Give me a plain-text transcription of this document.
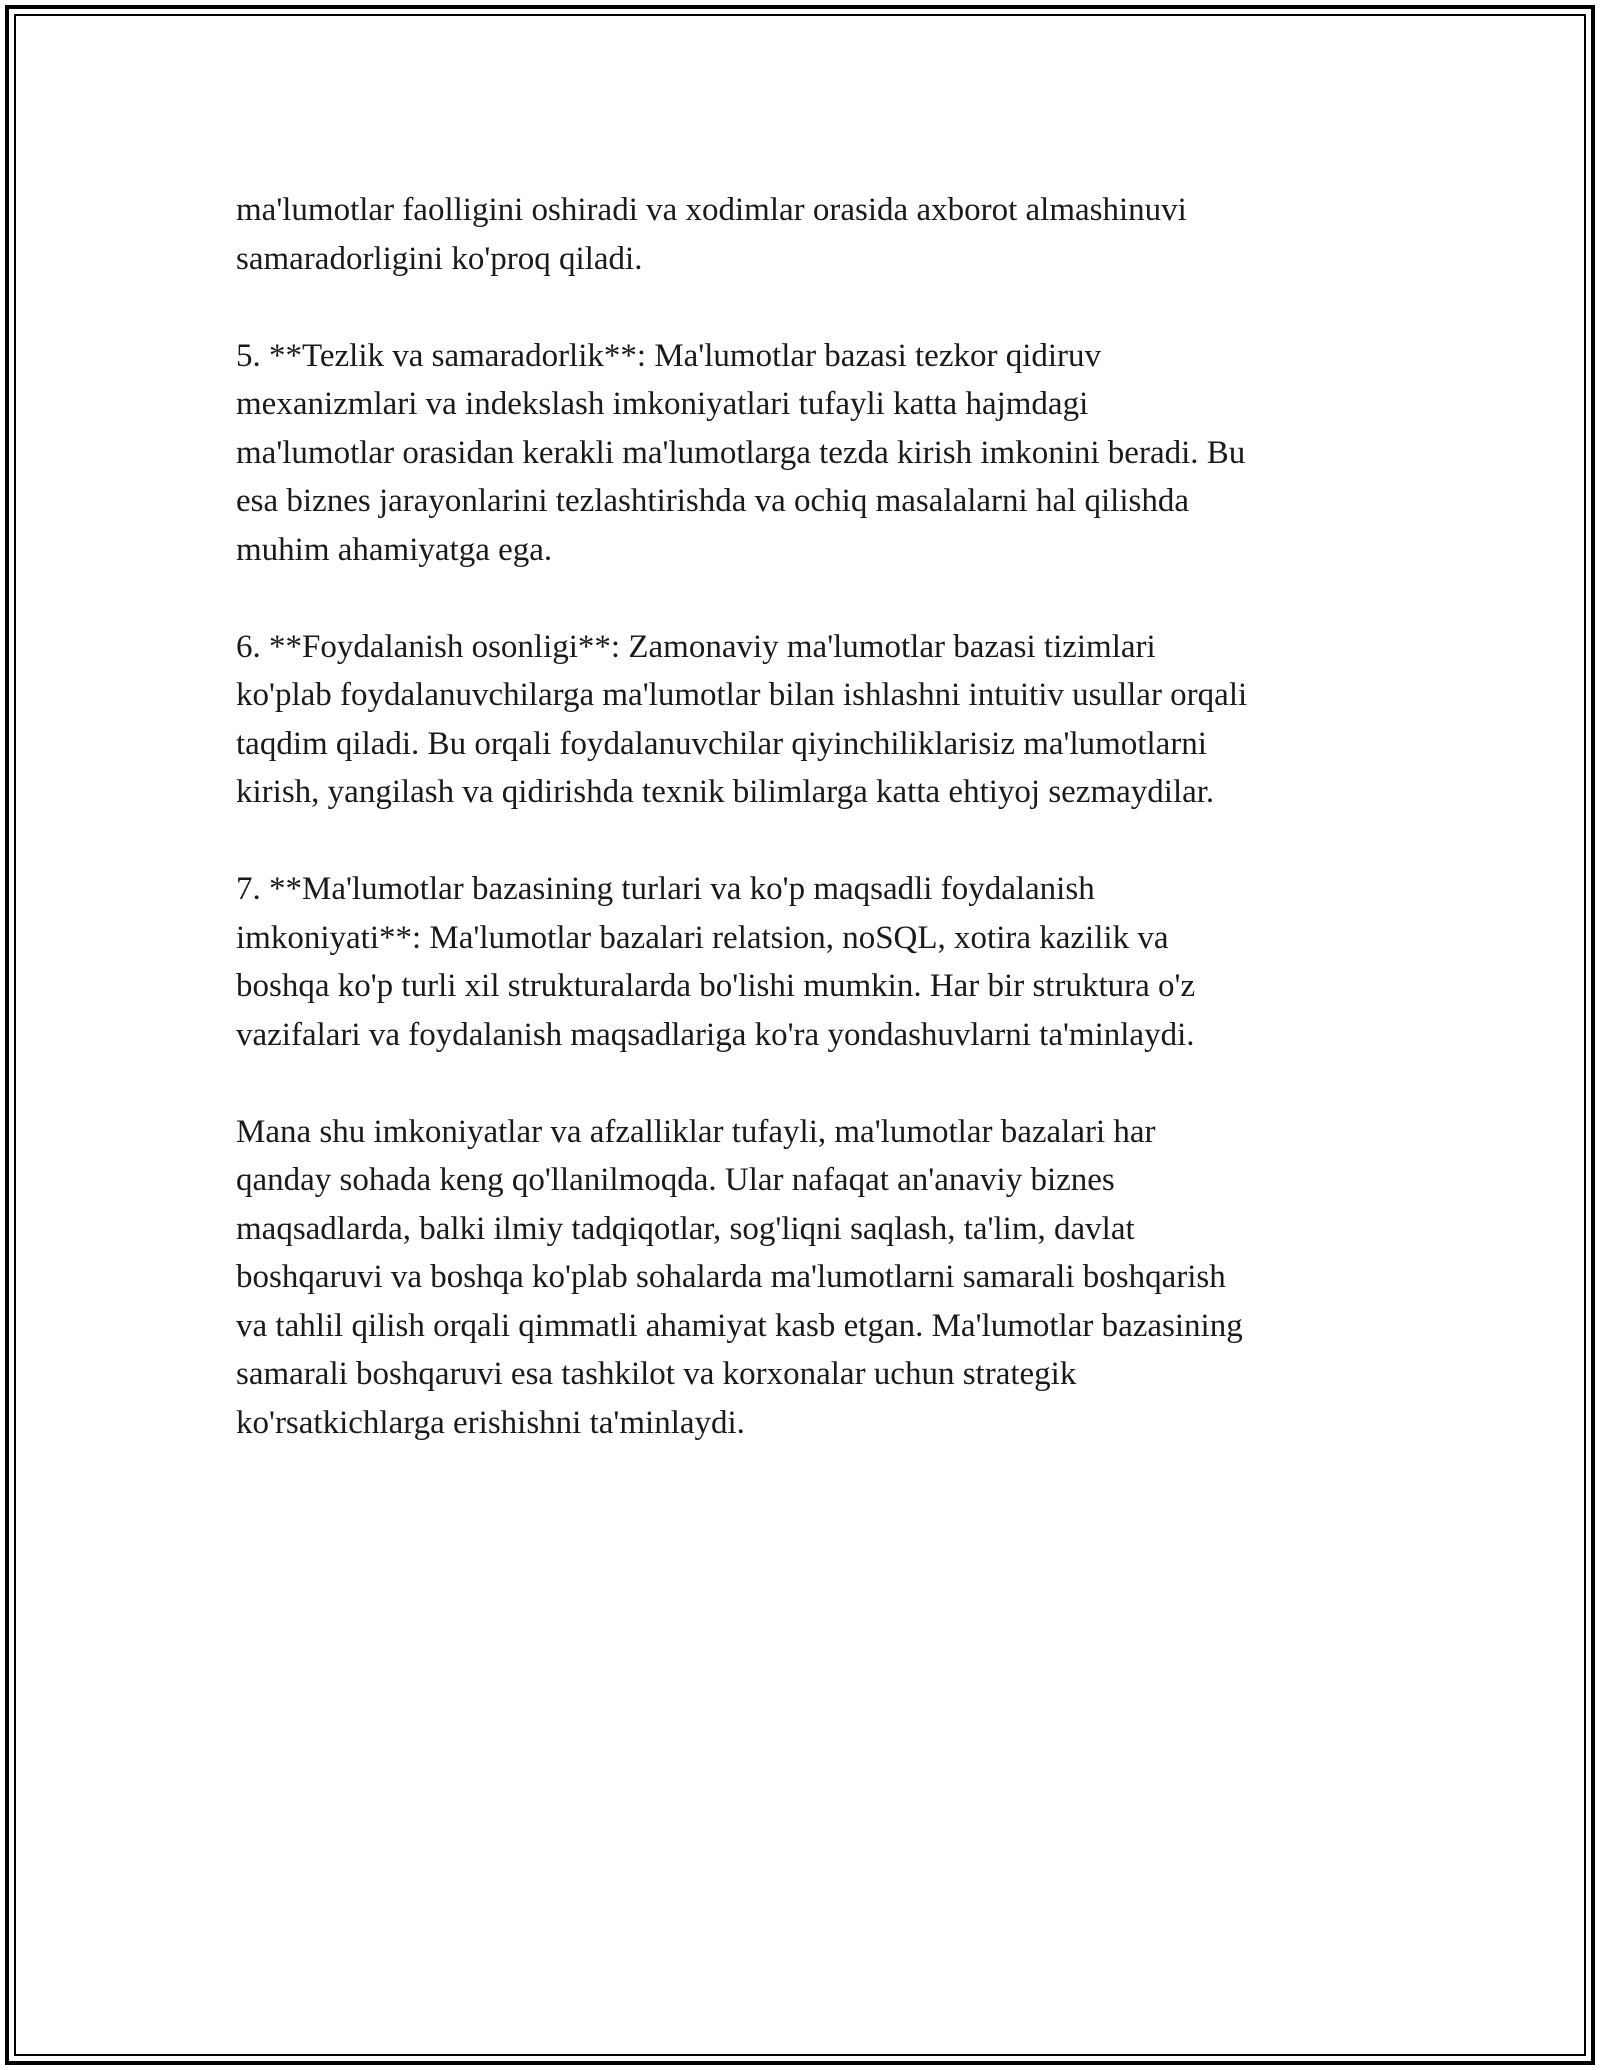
ma'lumotlar faolligini oshiradi va xodimlar orasida axborot almashinuvi
samaradorligini ko'proq qiladi.

5. **Tezlik va samaradorlik**: Ma'lumotlar bazasi tezkor qidiruv
mexanizmlari va indekslash imkoniyatlari tufayli katta hajmdagi
ma'lumotlar orasidan kerakli ma'lumotlarga tezda kirish imkonini beradi. Bu
esa biznes jarayonlarini tezlashtirishda va ochiq masalalarni hal qilishda
muhim ahamiyatga ega.

6. **Foydalanish osonligi**: Zamonaviy ma'lumotlar bazasi tizimlari
ko'plab foydalanuvchilarga ma'lumotlar bilan ishlashni intuitiv usullar orqali
taqdim qiladi. Bu orqali foydalanuvchilar qiyinchiliklarisiz ma'lumotlarni
kirish, yangilash va qidirishda texnik bilimlarga katta ehtiyoj sezmaydilar.

7. **Ma'lumotlar bazasining turlari va ko'p maqsadli foydalanish
imkoniyati**: Ma'lumotlar bazalari relatsion, noSQL, xotira kazilik va
boshqa ko'p turli xil strukturalarda bo'lishi mumkin. Har bir struktura o'z
vazifalari va foydalanish maqsadlariga ko'ra yondashuvlarni ta'minlaydi.

Mana shu imkoniyatlar va afzalliklar tufayli, ma'lumotlar bazalari har
qanday sohada keng qo'llanilmoqda. Ular nafaqat an'anaviy biznes
maqsadlarda, balki ilmiy tadqiqotlar, sog'liqni saqlash, ta'lim, davlat
boshqaruvi va boshqa ko'plab sohalarda ma'lumotlarni samarali boshqarish
va tahlil qilish orqali qimmatli ahamiyat kasb etgan. Ma'lumotlar bazasining
samarali boshqaruvi esa tashkilot va korxonalar uchun strategik
ko'rsatkichlarga erishishni ta'minlaydi.
